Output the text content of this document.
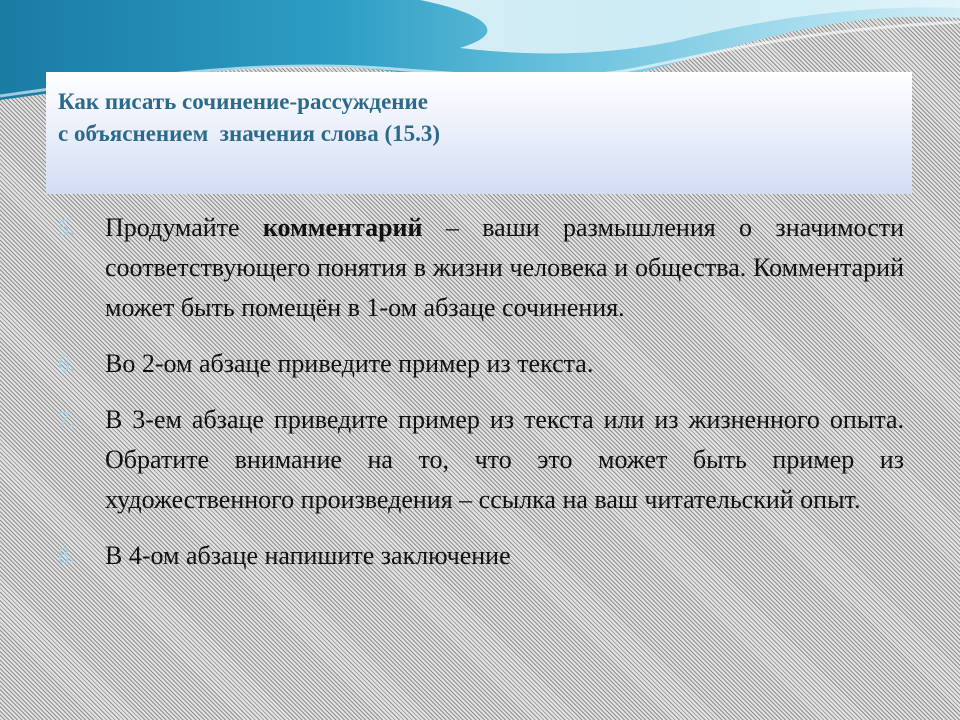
Как писать сочинение-рассуждение
с объяснением  значения слова (15.3)
5.	Продумайте комментарий – ваши размышления о значимости соответствующего понятия в жизни человека и общества. Комментарий может быть помещён в 1-ом абзаце сочинения.
6.	Во 2-ом абзаце приведите пример из текста.
7.	В 3-ем абзаце приведите пример из текста или из жизненного опыта. Обратите внимание на то, что это может быть пример из художественного произведения – ссылка на ваш читательский опыт.
8.	В 4-ом абзаце напишите заключение
